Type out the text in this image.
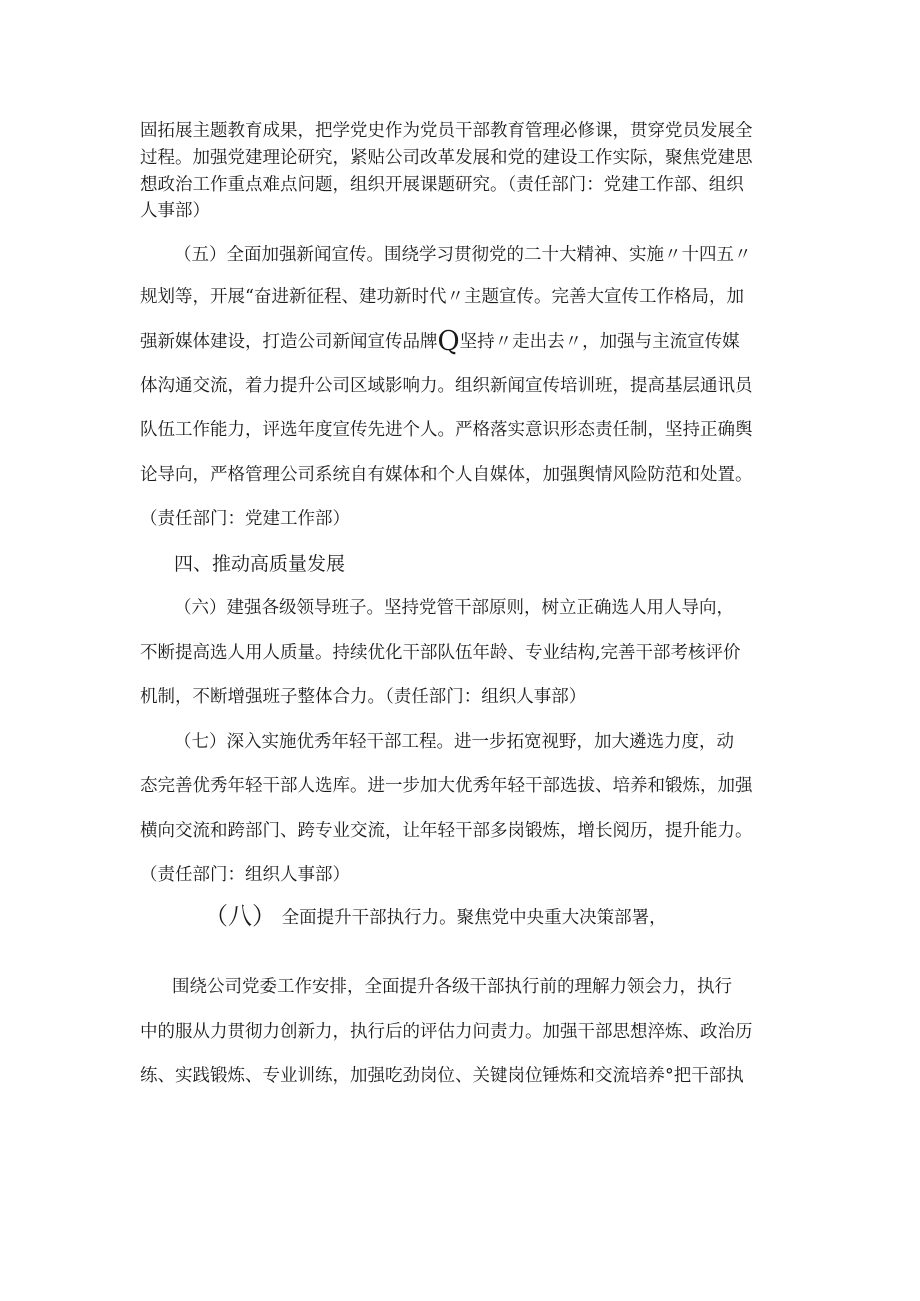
固拓展主题教育成果，把学党史作为党员干部教育管理必修课，贯穿党员发展全
过程。加强党建理论研究，紧贴公司改革发展和党的建设工作实际，聚焦党建思
想政治工作重点难点问题，组织开展课题研究。（责任部门：党建工作部、组织
人事部）
（五）全面加强新闻宣传。围绕学习贯彻党的二十大精神、实施〃十四五〃
规划等，开展“奋进新征程、建功新时代〃主题宣传。完善大宣传工作格局，加
强新媒体建设，打造公司新闻宣传品牌Q坚持〃走出去〃，加强与主流宣传媒
体沟通交流，着力提升公司区域影响力。组织新闻宣传培训班，提高基层通讯员
队伍工作能力，评选年度宣传先进个人。严格落实意识形态责任制，坚持正确舆
论导向，严格管理公司系统自有媒体和个人自媒体，加强舆情风险防范和处置。
（责任部门：党建工作部）
四、推动高质量发展
（六）建强各级领导班子。坚持党管干部原则，树立正确选人用人导向，
不断提高选人用人质量。持续优化干部队伍年龄、专业结构,完善干部考核评价
机制，不断增强班子整体合力。（责任部门：组织人事部）
（七）深入实施优秀年轻干部工程。进一步拓宽视野，加大遴选力度，动
态完善优秀年轻干部人选库。进一步加大优秀年轻干部选拔、培养和锻炼，加强
横向交流和跨部门、跨专业交流，让年轻干部多岗锻炼，增长阅历，提升能力。
（责任部门：组织人事部）
（八） 全面提升干部执行力。聚焦党中央重大决策部署，
围绕公司党委工作安排，全面提升各级干部执行前的理解力领会力，执行
中的服从力贯彻力创新力，执行后的评估力问责力。加强干部思想淬炼、政治历
练、实践锻炼、专业训练，加强吃劲岗位、关键岗位锤炼和交流培养°把干部执
